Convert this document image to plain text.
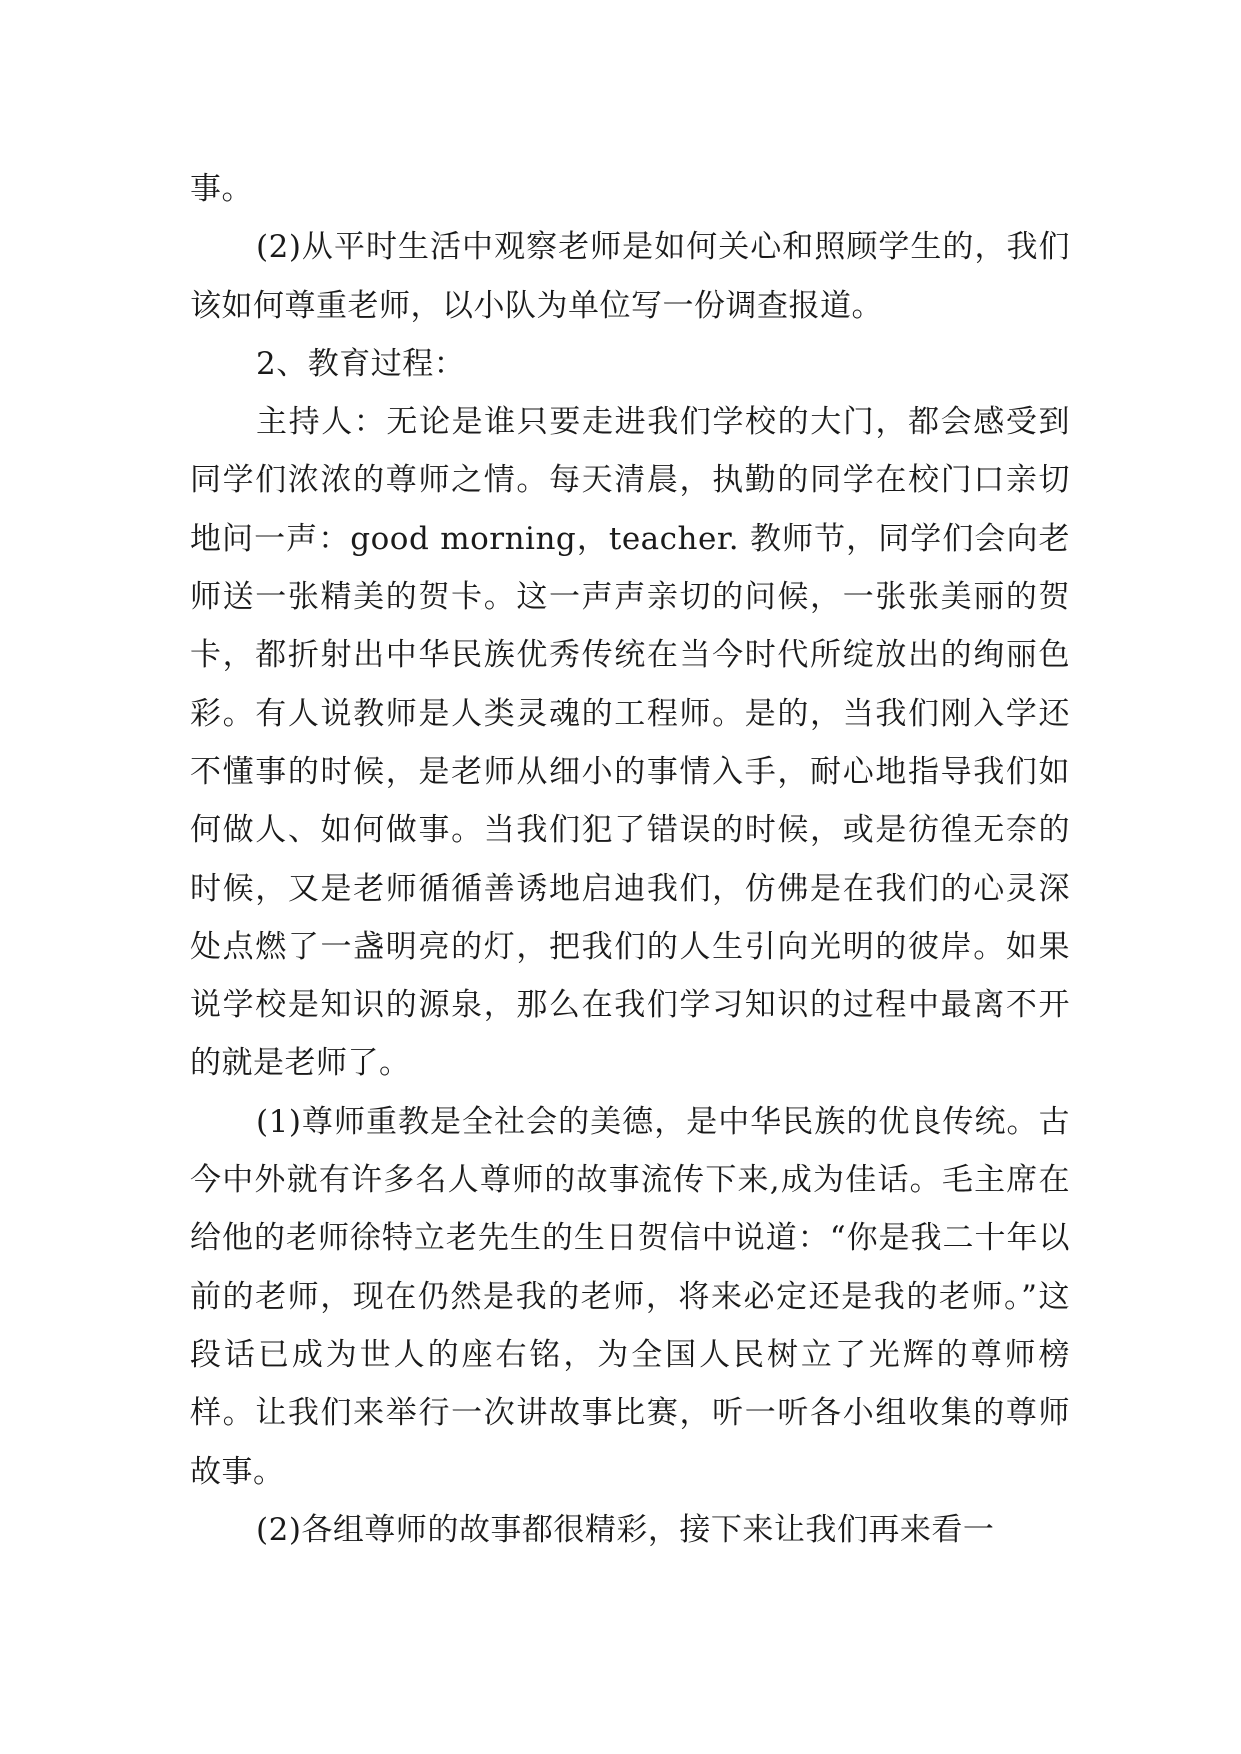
事。

(2)从平时生活中观察老师是如何关心和照顾学生的，我们该如何尊重老师，以小队为单位写一份调查报道。

2、教育过程：

主持人：无论是谁只要走进我们学校的大门，都会感受到同学们浓浓的尊师之情。每天清晨，执勤的同学在校门口亲切地问一声：good morning，teacher. 教师节，同学们会向老师送一张精美的贺卡。这一声声亲切的问候，一张张美丽的贺卡，都折射出中华民族优秀传统在当今时代所绽放出的绚丽色彩。有人说教师是人类灵魂的工程师。是的，当我们刚入学还不懂事的时候，是老师从细小的事情入手，耐心地指导我们如何做人、如何做事。当我们犯了错误的时候，或是彷徨无奈的时候，又是老师循循善诱地启迪我们，仿佛是在我们的心灵深处点燃了一盏明亮的灯，把我们的人生引向光明的彼岸。如果说学校是知识的源泉，那么在我们学习知识的过程中最离不开的就是老师了。

(1)尊师重教是全社会的美德，是中华民族的优良传统。古今中外就有许多名人尊师的故事流传下来,成为佳话。毛主席在给他的老师徐特立老先生的生日贺信中说道：“你是我二十年以前的老师，现在仍然是我的老师，将来必定还是我的老师。”这段话已成为世人的座右铭，为全国人民树立了光辉的尊师榜样。让我们来举行一次讲故事比赛，听一听各小组收集的尊师故事。

(2)各组尊师的故事都很精彩，接下来让我们再来看一
